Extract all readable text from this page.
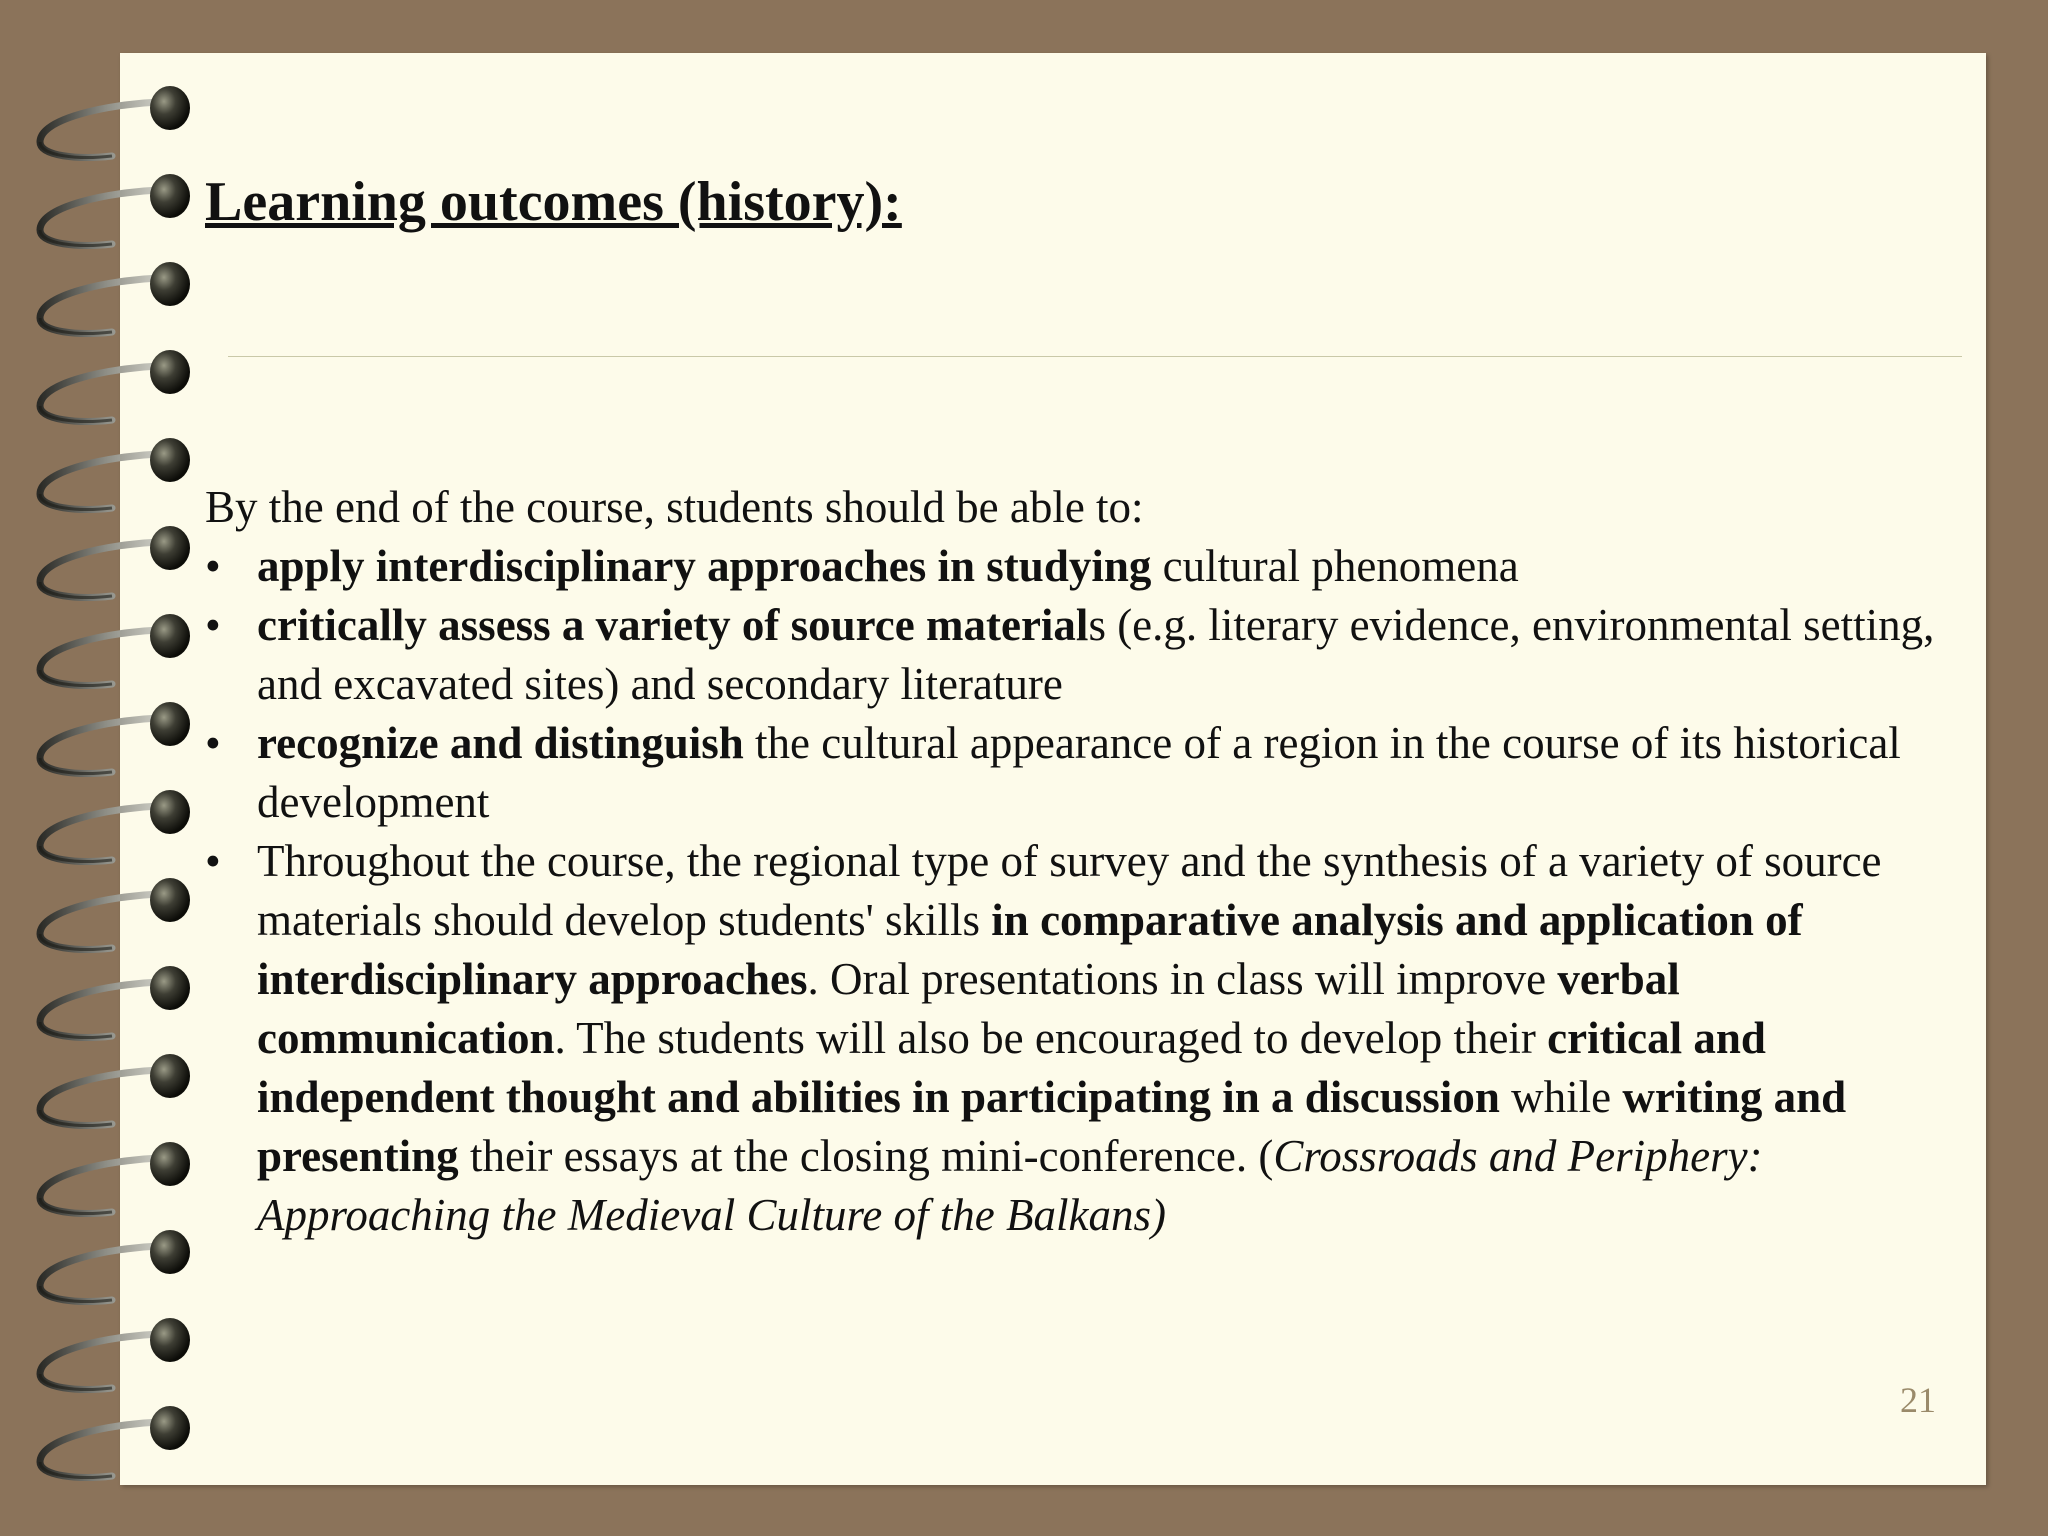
Learning outcomes (history):

By the end of the course, students should be able to:

• apply interdisciplinary approaches in studying cultural phenomena
• critically assess a variety of source materials (e.g. literary evidence, environmental setting, and excavated sites) and secondary literature
• recognize and distinguish the cultural appearance of a region in the course of its historical development
• Throughout the course, the regional type of survey and the synthesis of a variety of source materials should develop students' skills in comparative analysis and application of interdisciplinary approaches. Oral presentations in class will improve verbal communication. The students will also be encouraged to develop their critical and independent thought and abilities in participating in a discussion while writing and presenting their essays at the closing mini-conference. (Crossroads and Periphery: Approaching the Medieval Culture of the Balkans)
21
